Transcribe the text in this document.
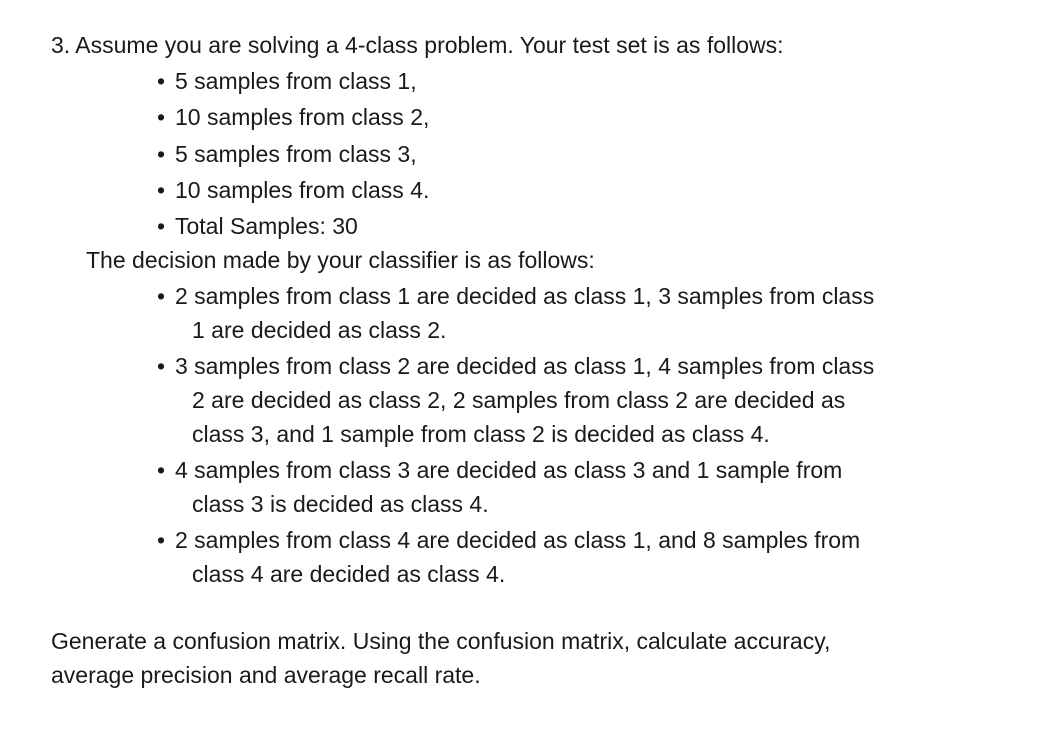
3. Assume you are solving a 4-class problem. Your test set is as follows:
• 5 samples from class 1,
• 10 samples from class 2,
• 5 samples from class 3,
• 10 samples from class 4.
• Total Samples: 30
The decision made by your classifier is as follows:
• 2 samples from class 1 are decided as class 1, 3 samples from class
1 are decided as class 2.
• 3 samples from class 2 are decided as class 1, 4 samples from class
2 are decided as class 2, 2 samples from class 2 are decided as
class 3, and 1 sample from class 2 is decided as class 4.
• 4 samples from class 3 are decided as class 3 and 1 sample from
class 3 is decided as class 4.
• 2 samples from class 4 are decided as class 1, and 8 samples from
class 4 are decided as class 4.
Generate a confusion matrix. Using the confusion matrix, calculate accuracy,
average precision and average recall rate.
